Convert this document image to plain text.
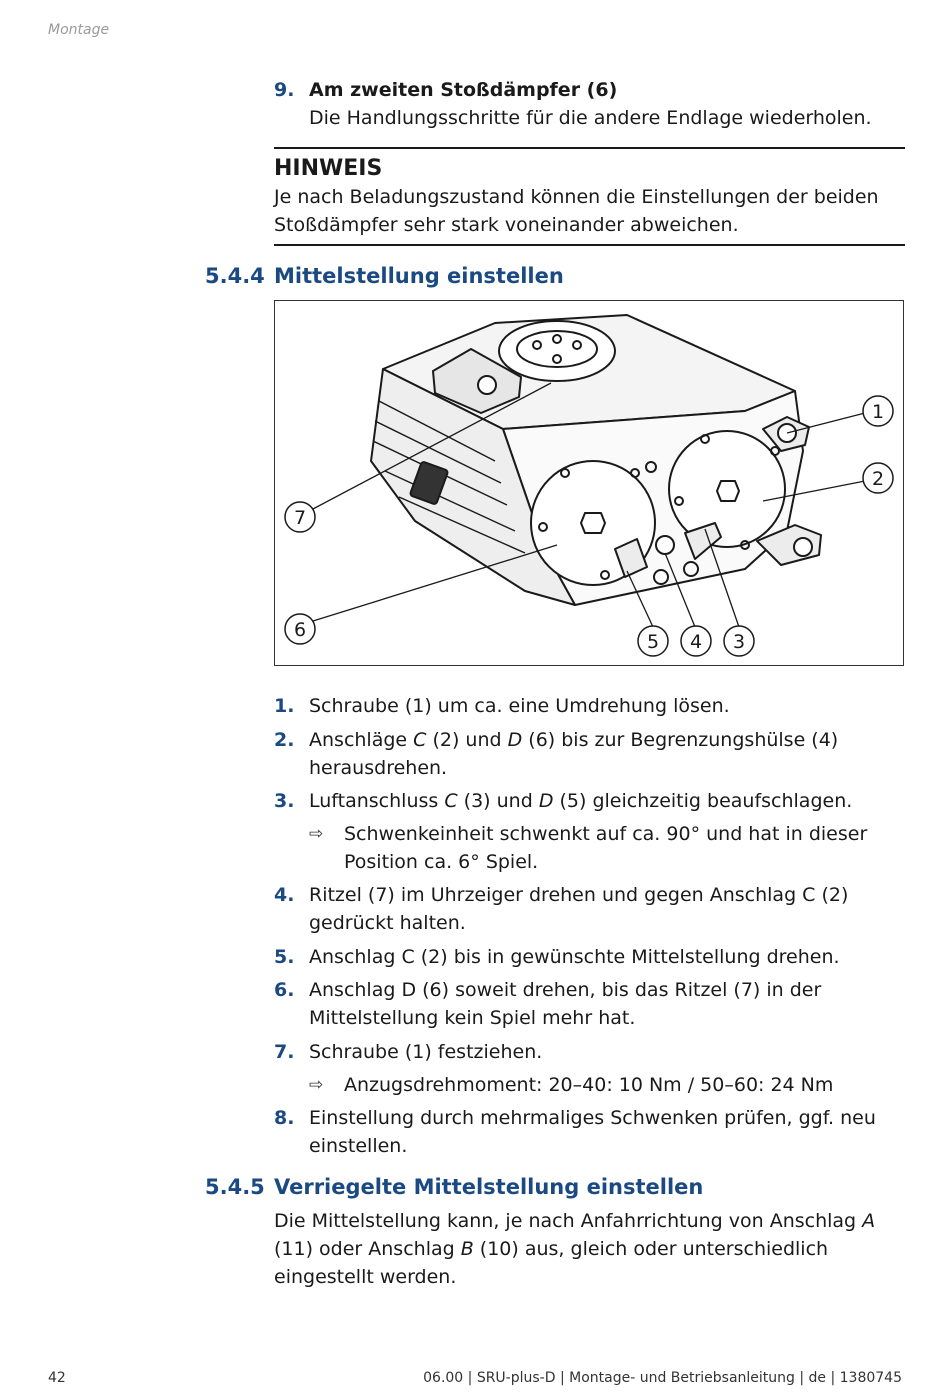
Montage
9. Am zweiten Stoßdämpfer (6)
Die Handlungsschritte für die andere Endlage wiederholen.
HINWEIS
Je nach Beladungszustand können die Einstellungen der beiden
Stoßdämpfer sehr stark voneinander abweichen.
5.4.4 Mittelstellung einstellen
1
2
3
4
5
6
7
1. Schraube (1) um ca. eine Umdrehung lösen.
2. Anschläge C (2) und D (6) bis zur Begrenzungshülse (4)
herausdrehen.
3. Luftanschluss C (3) und D (5) gleichzeitig beaufschlagen.
⇨ Schwenkeinheit schwenkt auf ca. 90° und hat in dieser
Position ca. 6° Spiel.
4. Ritzel (7) im Uhrzeiger drehen und gegen Anschlag C (2)
gedrückt halten.
5. Anschlag C (2) bis in gewünschte Mittelstellung drehen.
6. Anschlag D (6) soweit drehen, bis das Ritzel (7) in der
Mittelstellung kein Spiel mehr hat.
7. Schraube (1) festziehen.
⇨ Anzugsdrehmoment: 20–40: 10 Nm / 50–60: 24 Nm
8. Einstellung durch mehrmaliges Schwenken prüfen, ggf. neu
einstellen.
5.4.5 Verriegelte Mittelstellung einstellen
Die Mittelstellung kann, je nach Anfahrrichtung von Anschlag A
(11) oder Anschlag B (10) aus, gleich oder unterschiedlich
eingestellt werden.
42	06.00 | SRU-plus-D | Montage- und Betriebsanleitung | de | 1380745
